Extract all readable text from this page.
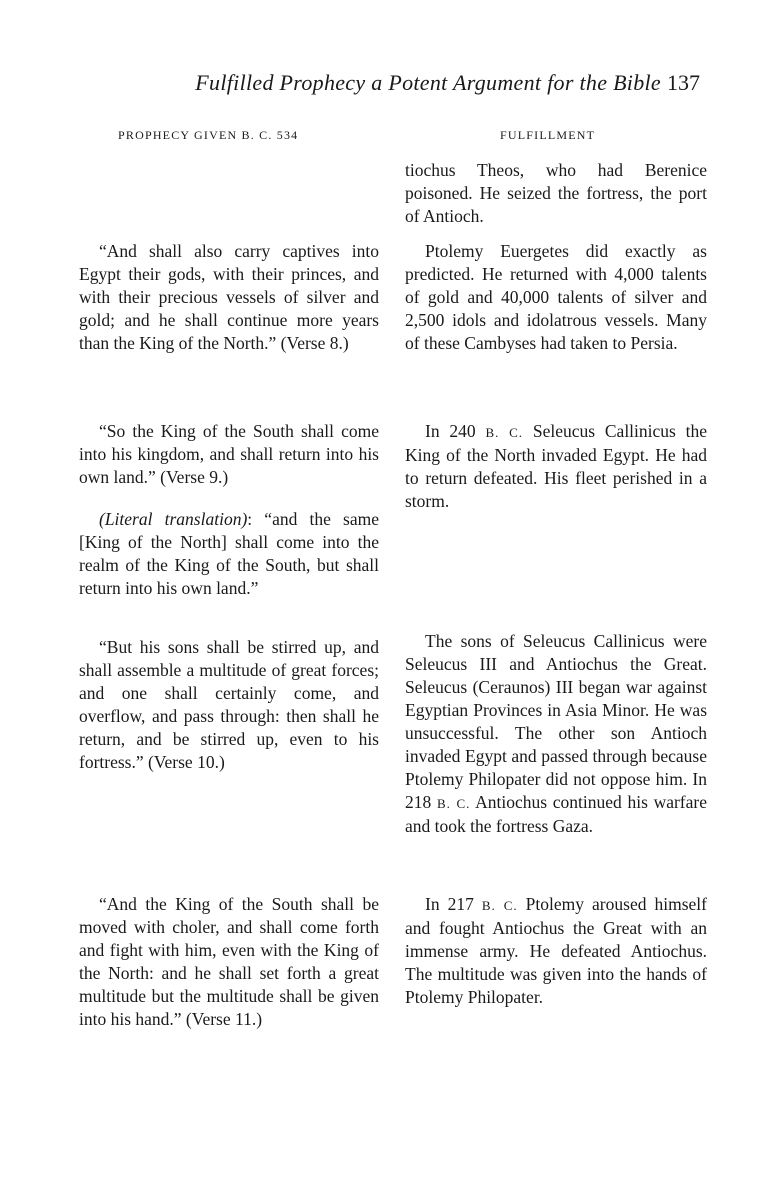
Fulfilled Prophecy a Potent Argument for the Bible 137
PROPHECY GIVEN B. C. 534	FULFILLMENT

“And shall also carry captives into Egypt their gods, with their princes, and with their precious vessels of silver and gold; and he shall continue more years than the King of the North.” (Verse 8.)

“So the King of the South shall come into his kingdom, and shall return into his own land.” (Verse 9.)

(Literal translation): “and the same [King of the North] shall come into the realm of the King of the South, but shall return into his own land.”

“But his sons shall be stirred up, and shall assemble a multitude of great forces; and one shall certainly come, and overflow, and pass through: then shall he return, and be stirred up, even to his fortress.” (Verse 10.)

“And the King of the South shall be moved with choler, and shall come forth and fight with him, even with the King of the North: and he shall set forth a great multitude but the multitude shall be given into his hand.” (Verse 11.)

tiochus Theos, who had Berenice poisoned. He seized the fortress, the port of Antioch.

Ptolemy Euergetes did exactly as predicted. He returned with 4,000 talents of gold and 40,000 talents of silver and 2,500 idols and idolatrous vessels. Many of these Cambyses had taken to Persia.

In 240 B. C. Seleucus Callinicus the King of the North invaded Egypt. He had to return defeated. His fleet perished in a storm.

The sons of Seleucus Callinicus were Seleucus III and Antiochus the Great. Seleucus (Ceraunos) III began war against Egyptian Provinces in Asia Minor. He was unsuccessful. The other son Antioch invaded Egypt and passed through because Ptolemy Philopater did not oppose him. In 218 B. C. Antiochus continued his warfare and took the fortress Gaza.

In 217 B. C. Ptolemy aroused himself and fought Antiochus the Great with an immense army. He defeated Antiochus. The multitude was given into the hands of Ptolemy Philopater.
